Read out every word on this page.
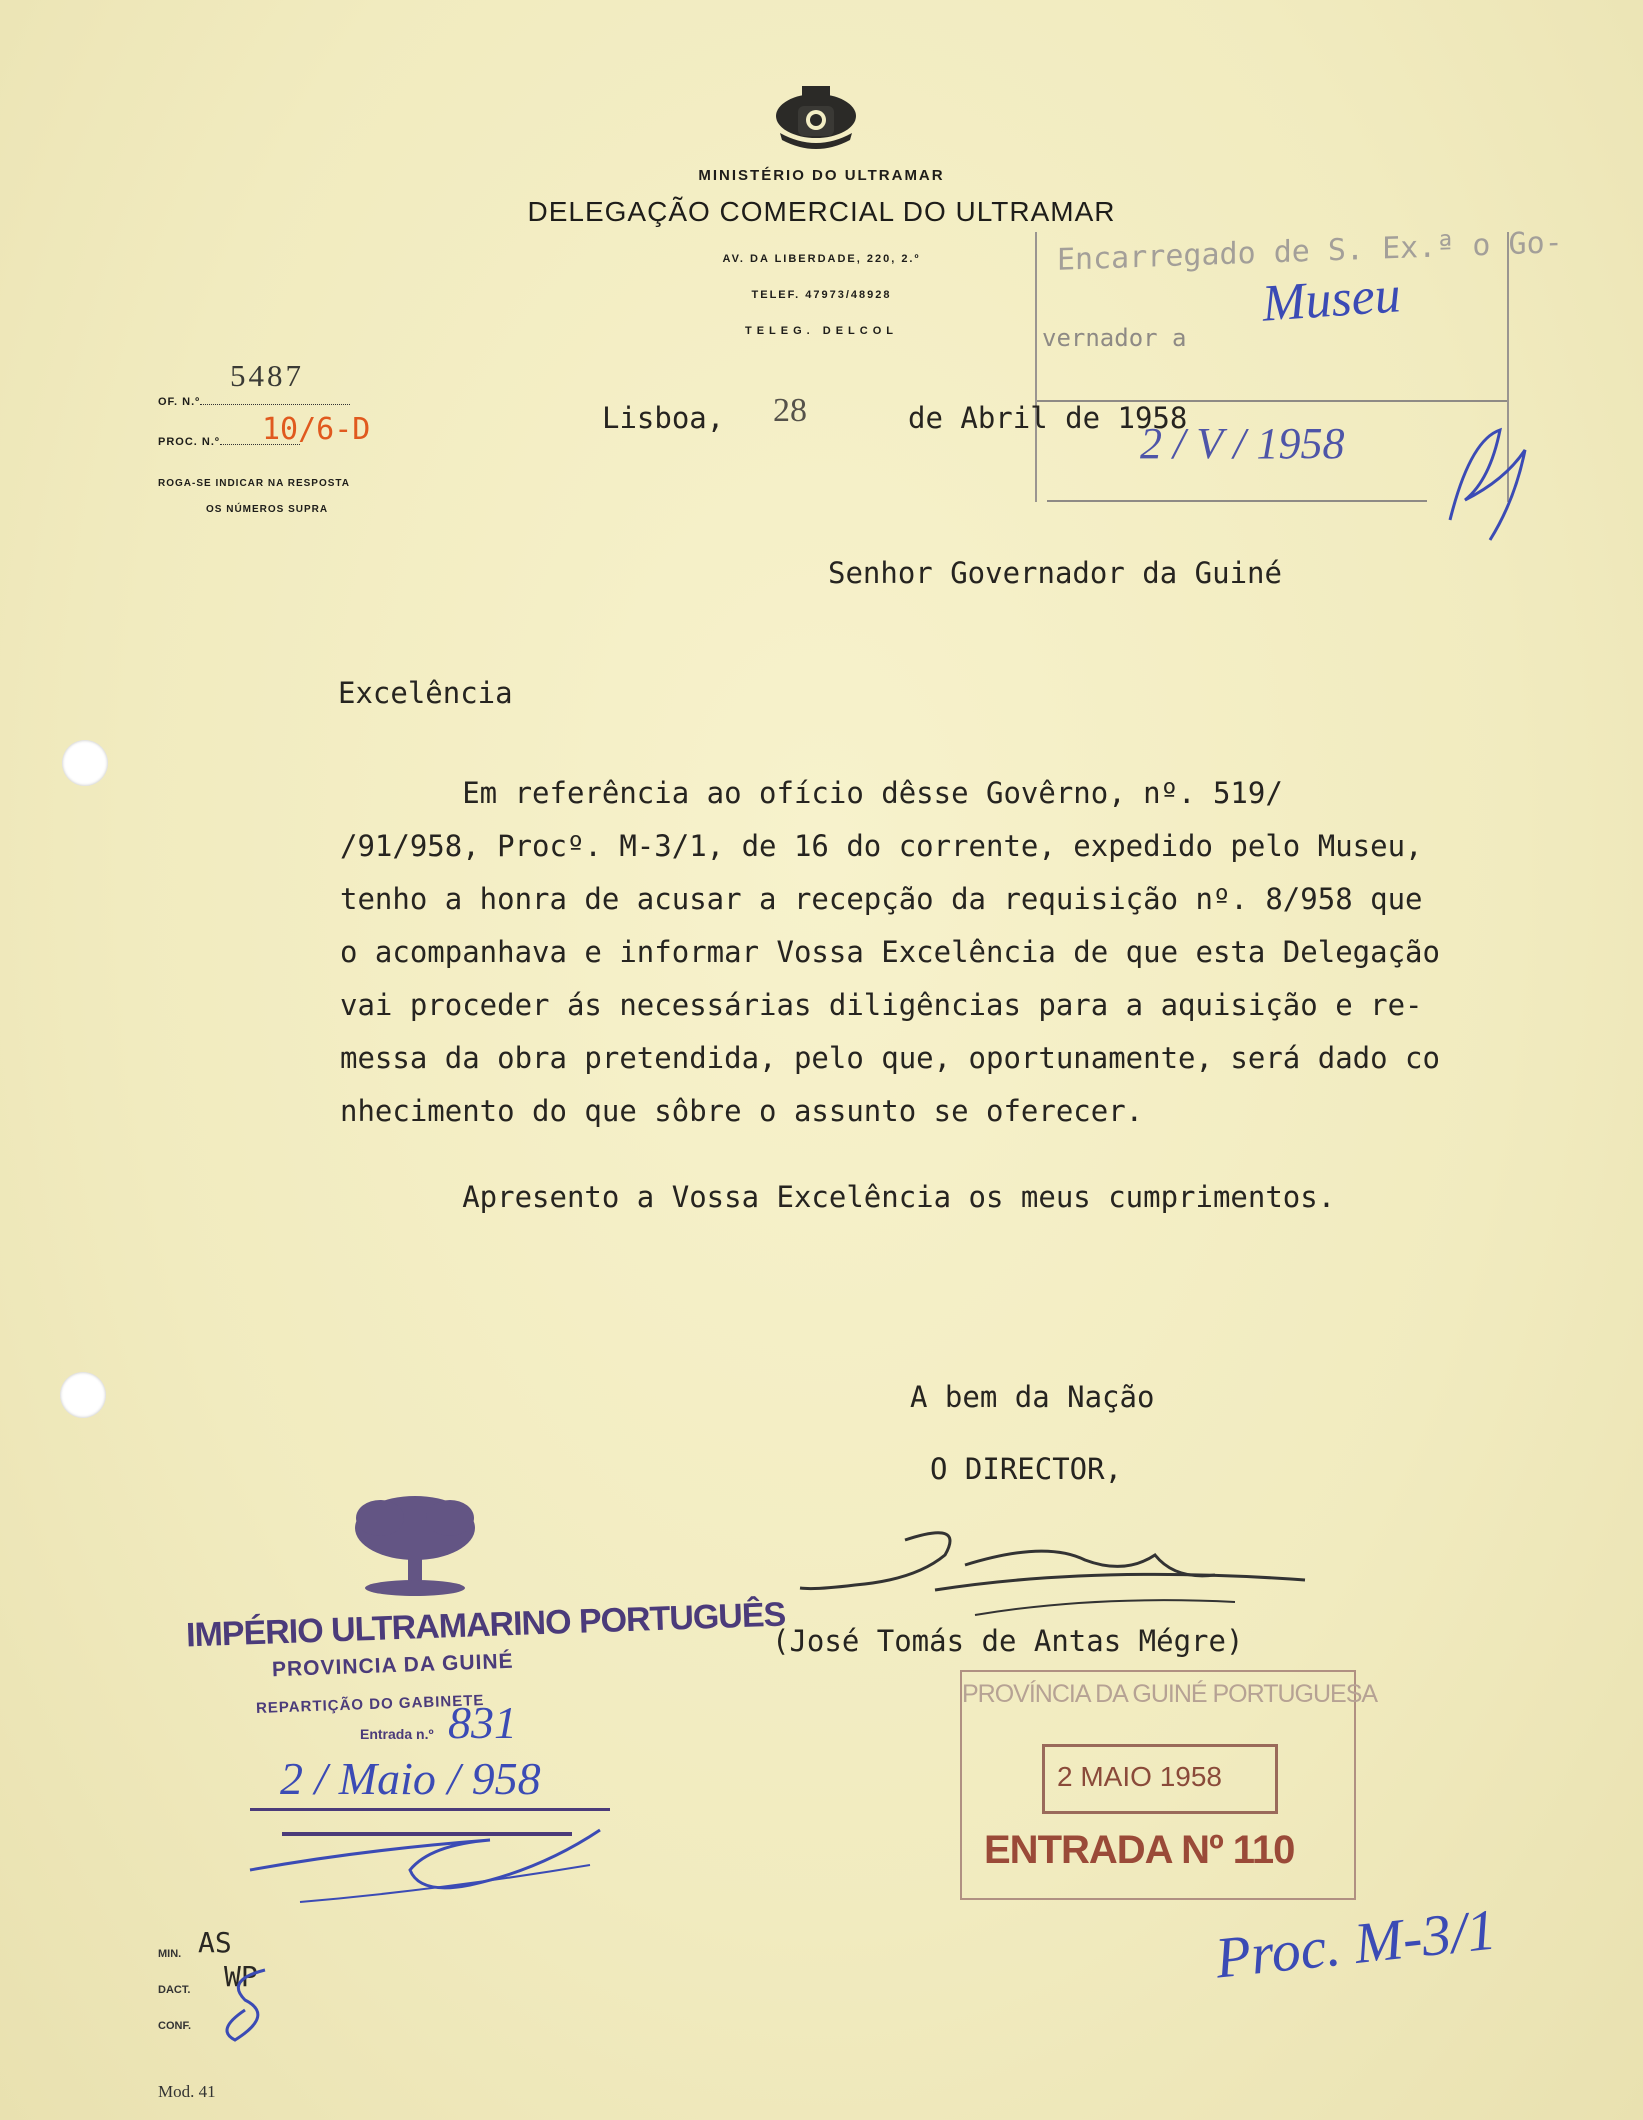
MINISTÉRIO DO ULTRAMAR
DELEGAÇÃO COMERCIAL DO ULTRAMAR
AV. DA LIBERDADE, 220, 2.º
TELEF. 47973/48928
TELEG. DELCOL
5487
OF. N.º
10/6-D
PROC. N.º
ROGA-SE INDICAR NA RESPOSTA
OS NÚMEROS SUPRA
Encarregado de S. Ex.ª o Go-
vernador a
Museu
2 / V / 1958
Lisboa, 28	de Abril de 1958
Senhor Governador da Guiné
Excelência
Em referência ao ofício dêsse Govêrno, nº. 519/
/91/958, Procº. M-3/1, de 16 do corrente, expedido pelo Museu,
tenho a honra de acusar a recepção da requisição nº. 8/958 que
o acompanhava e informar Vossa Excelência de que esta Delegação
vai proceder ás necessárias diligências para a aquisição e re-
messa da obra pretendida, pelo que, oportunamente, será dado co
nhecimento do que sôbre o assunto se oferecer.
Apresento a Vossa Excelência os meus cumprimentos.
A bem da Nação
O DIRECTOR,
(José Tomás de Antas Mégre)
IMPÉRIO ULTRAMARINO PORTUGUÊS
PROVINCIA DA GUINÉ
REPARTIÇÃO DO GABINETE
Entrada n.º 831
2 / Maio / 958
PROVÍNCIA DA GUINÉ PORTUGUESA
2 MAIO 1958
ENTRADA Nº 110
Proc. M-3/1
MIN. AS
DACT. WP
CONF.
Mod. 41
